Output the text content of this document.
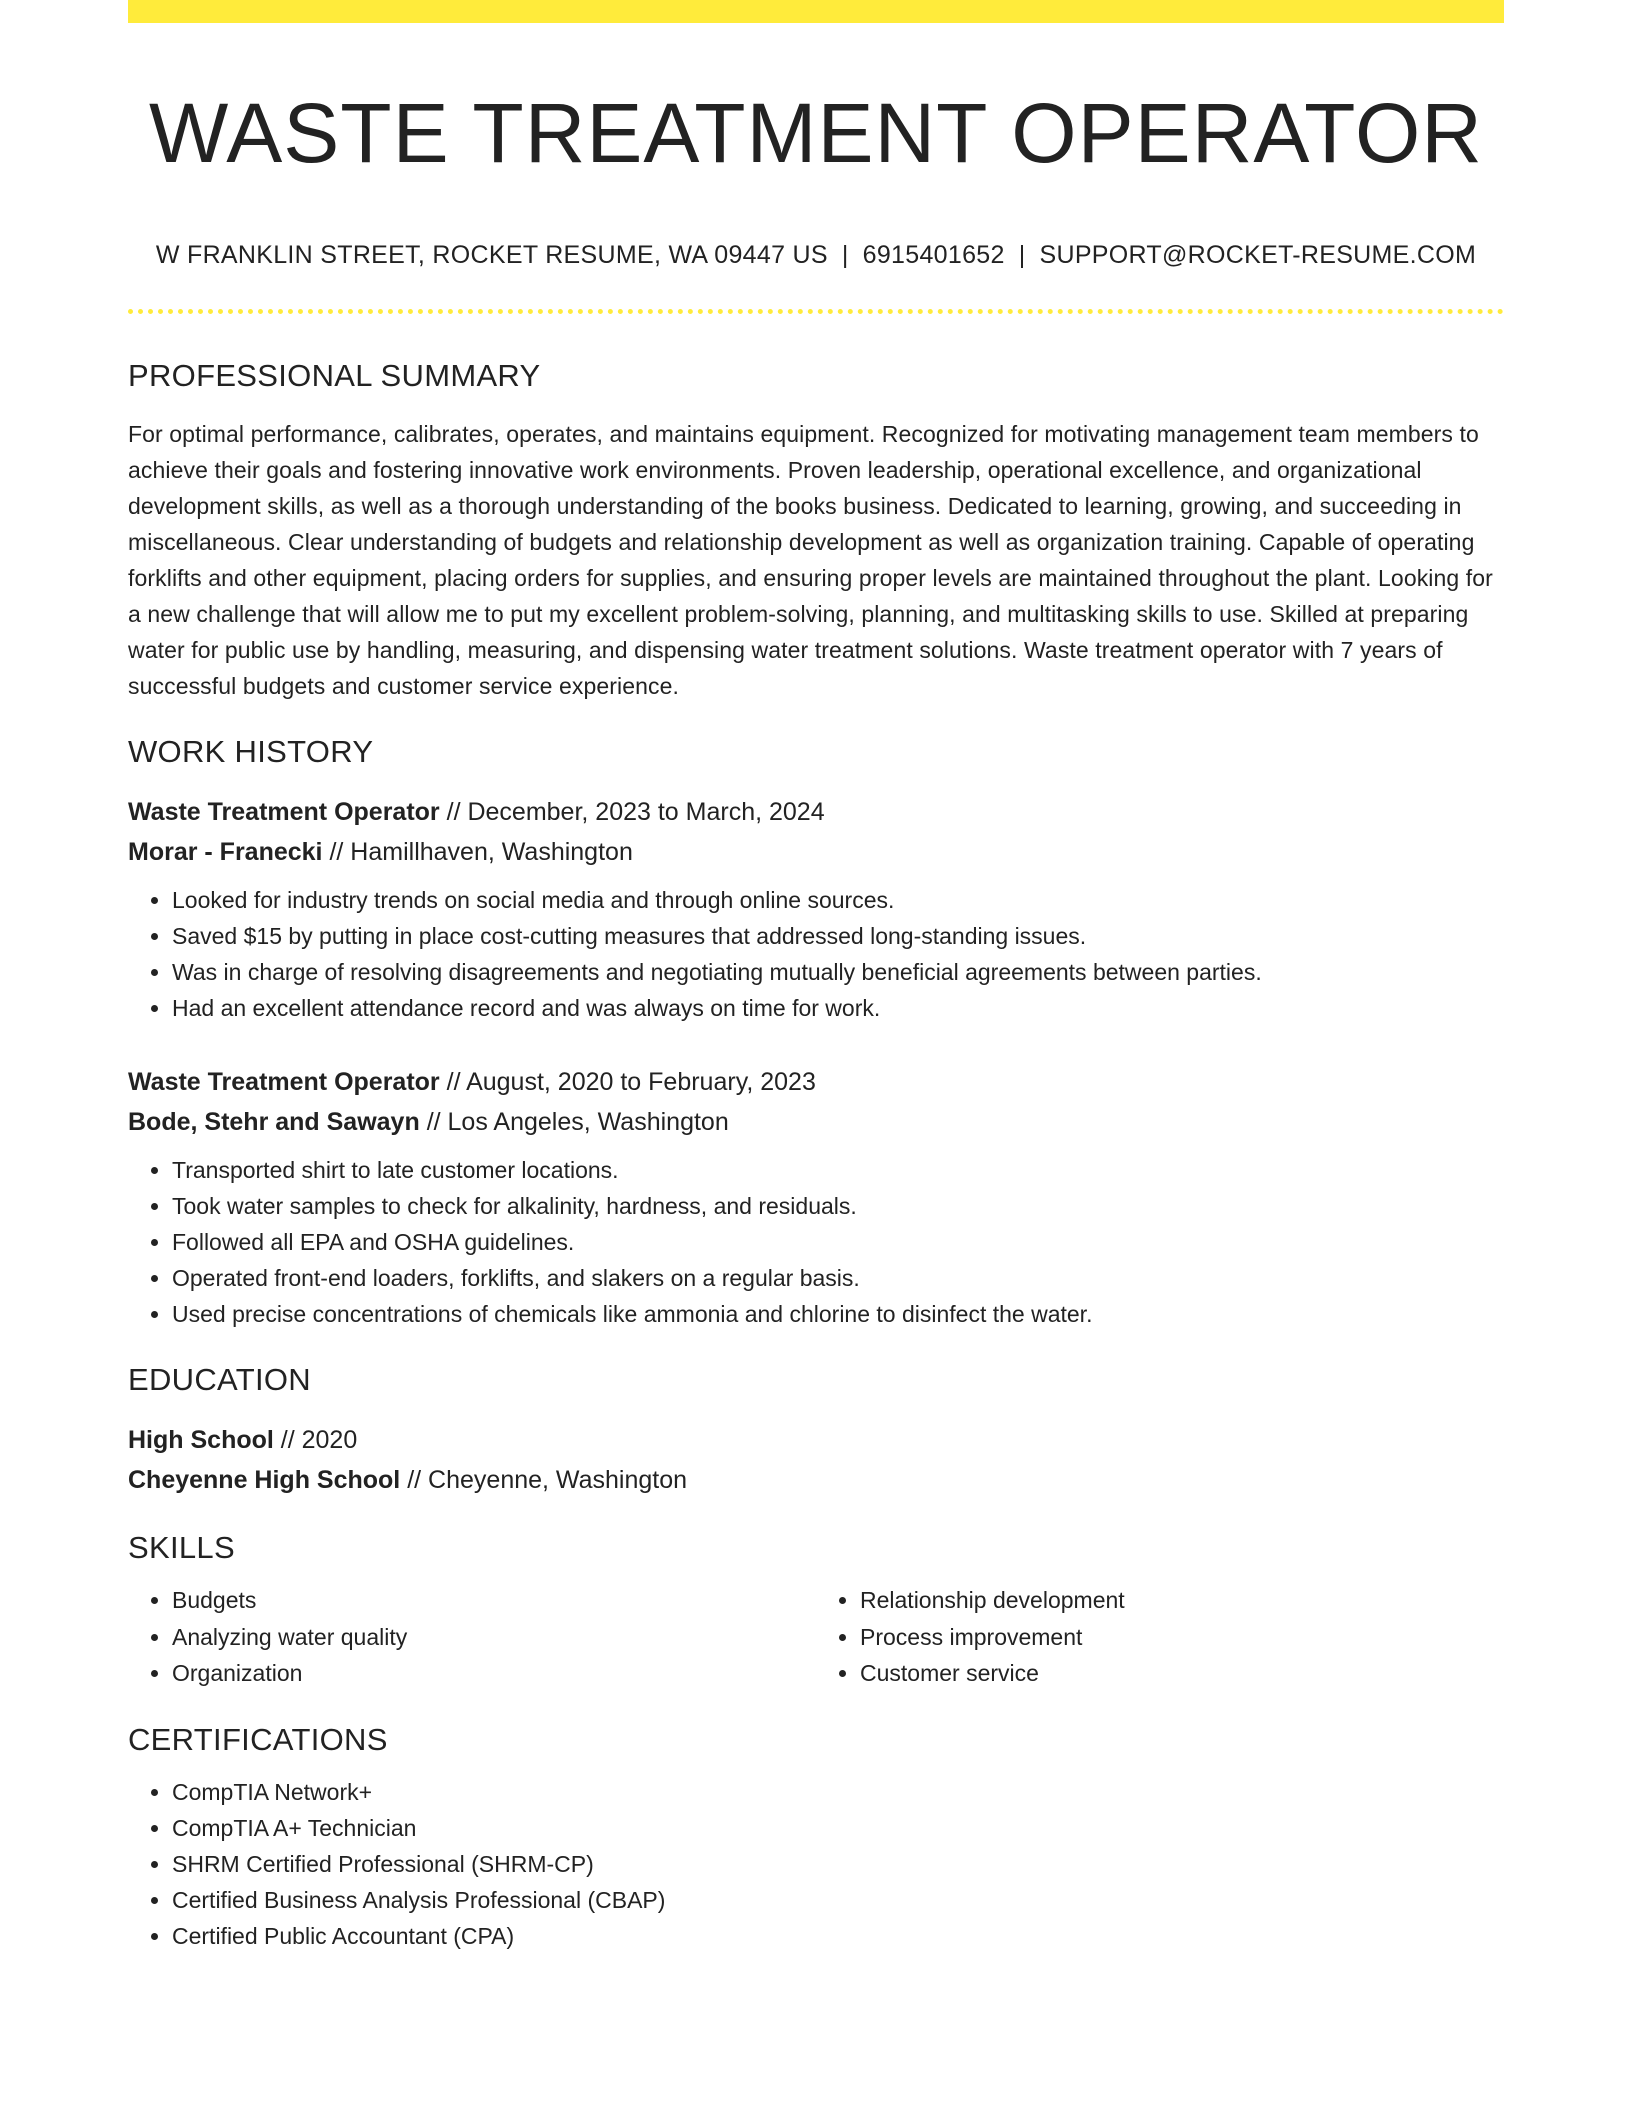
WASTE TREATMENT OPERATOR
W FRANKLIN STREET, ROCKET RESUME, WA 09447 US | 6915401652 | SUPPORT@ROCKET-RESUME.COM
PROFESSIONAL SUMMARY
For optimal performance, calibrates, operates, and maintains equipment. Recognized for motivating management team members to achieve their goals and fostering innovative work environments. Proven leadership, operational excellence, and organizational development skills, as well as a thorough understanding of the books business. Dedicated to learning, growing, and succeeding in miscellaneous. Clear understanding of budgets and relationship development as well as organization training. Capable of operating forklifts and other equipment, placing orders for supplies, and ensuring proper levels are maintained throughout the plant. Looking for a new challenge that will allow me to put my excellent problem-solving, planning, and multitasking skills to use. Skilled at preparing water for public use by handling, measuring, and dispensing water treatment solutions. Waste treatment operator with 7 years of successful budgets and customer service experience.
WORK HISTORY
Waste Treatment Operator // December, 2023 to March, 2024
Morar - Franecki // Hamillhaven, Washington
• Looked for industry trends on social media and through online sources.
• Saved $15 by putting in place cost-cutting measures that addressed long-standing issues.
• Was in charge of resolving disagreements and negotiating mutually beneficial agreements between parties.
• Had an excellent attendance record and was always on time for work.
Waste Treatment Operator // August, 2020 to February, 2023
Bode, Stehr and Sawayn // Los Angeles, Washington
• Transported shirt to late customer locations.
• Took water samples to check for alkalinity, hardness, and residuals.
• Followed all EPA and OSHA guidelines.
• Operated front-end loaders, forklifts, and slakers on a regular basis.
• Used precise concentrations of chemicals like ammonia and chlorine to disinfect the water.
EDUCATION
High School // 2020
Cheyenne High School // Cheyenne, Washington
SKILLS
• Budgets
• Analyzing water quality
• Organization
• Relationship development
• Process improvement
• Customer service
CERTIFICATIONS
• CompTIA Network+
• CompTIA A+ Technician
• SHRM Certified Professional (SHRM-CP)
• Certified Business Analysis Professional (CBAP)
• Certified Public Accountant (CPA)
